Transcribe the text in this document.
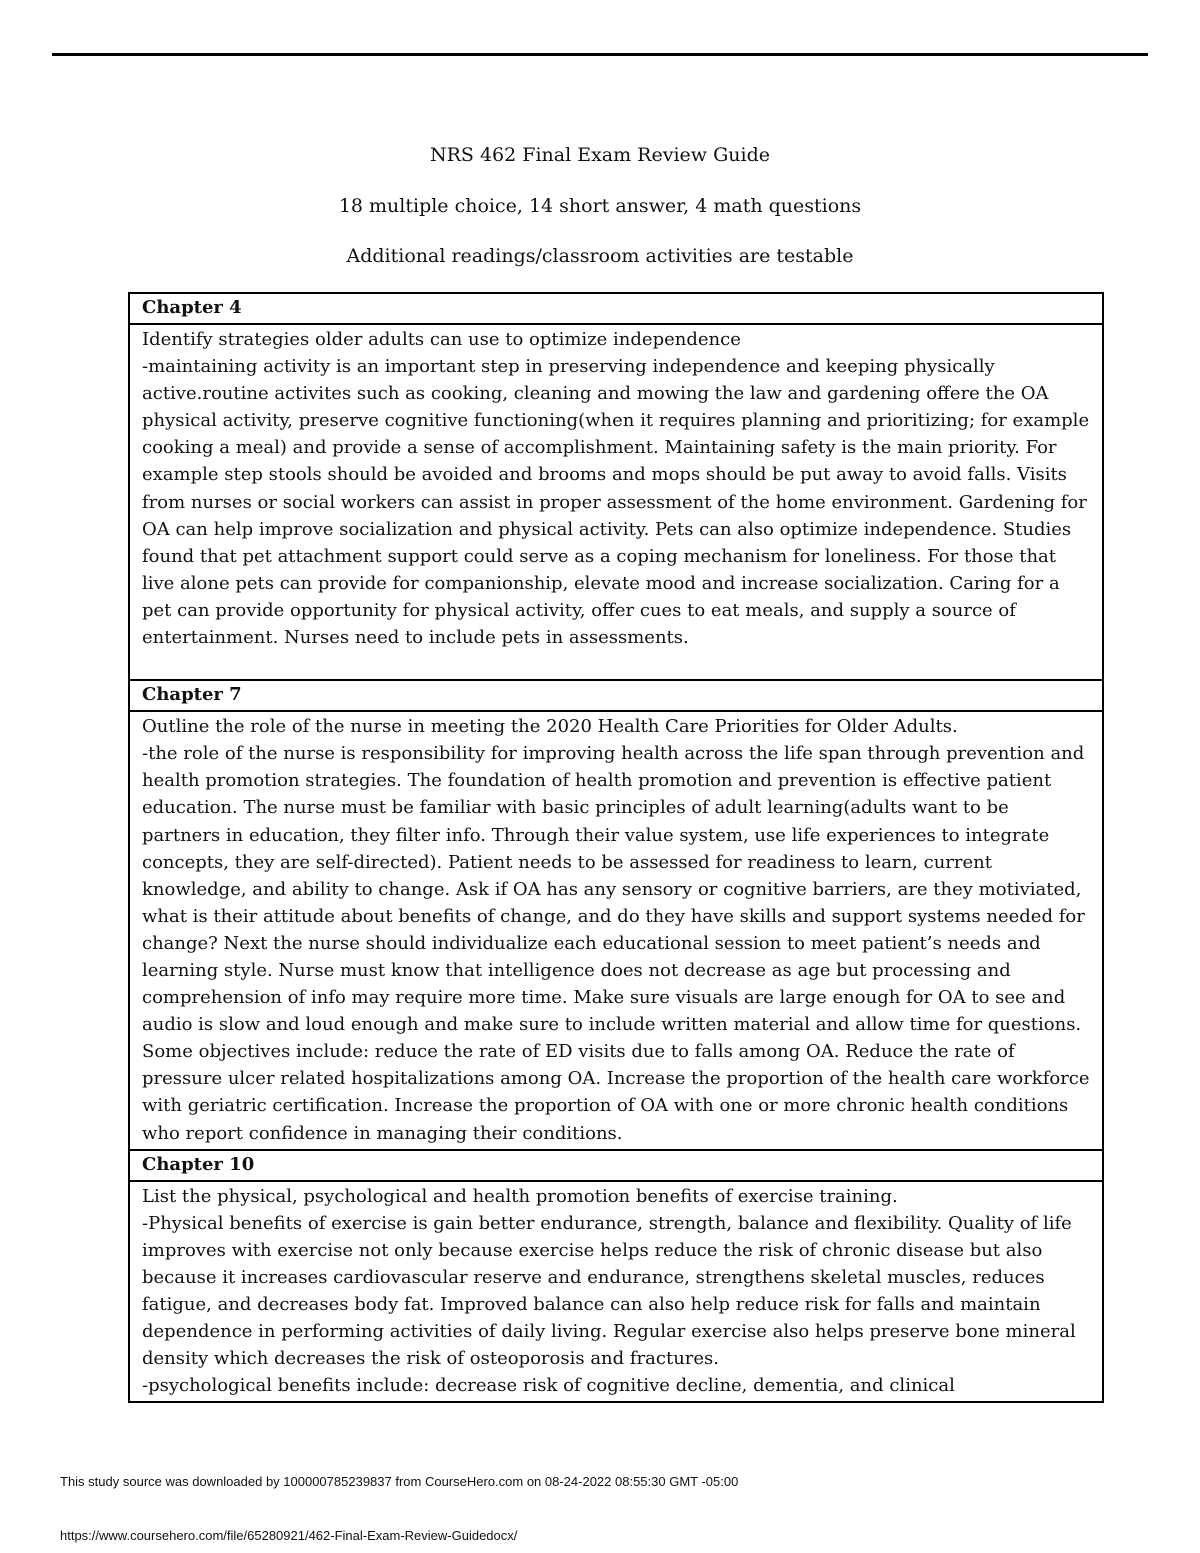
NRS 462 Final Exam Review Guide
18 multiple choice, 14 short answer, 4 math questions
Additional readings/classroom activities are testable
Chapter 4

Identify strategies older adults can use to optimize independence

-maintaining activity is an important step in preserving independence and keeping physically active.routine activites such as cooking, cleaning and mowing the law and gardening offere the OA physical activity, preserve cognitive functioning(when it requires planning and prioritizing; for example cooking a meal) and provide a sense of accomplishment. Maintaining safety is the main priority. For example step stools should be avoided and brooms and mops should be put away to avoid falls. Visits from nurses or social workers can assist in proper assessment of the home environment. Gardening for OA can help improve socialization and physical activity. Pets can also optimize independence. Studies found that pet attachment support could serve as a coping mechanism for loneliness. For those that live alone pets can provide for companionship, elevate mood and increase socialization. Caring for a pet can provide opportunity for physical activity, offer cues to eat meals, and supply a source of entertainment. Nurses need to include pets in assessments.

Chapter 7

Outline the role of the nurse in meeting the 2020 Health Care Priorities for Older Adults.

-the role of the nurse is responsibility for improving health across the life span through prevention and health promotion strategies. The foundation of health promotion and prevention is effective patient education. The nurse must be familiar with basic principles of adult learning(adults want to be partners in education, they filter info. Through their value system, use life experiences to integrate concepts, they are self-directed). Patient needs to be assessed for readiness to learn, current knowledge, and ability to change. Ask if OA has any sensory or cognitive barriers, are they motiviated, what is their attitude about benefits of change, and do they have skills and support systems needed for change? Next the nurse should individualize each educational session to meet patient’s needs and learning style. Nurse must know that intelligence does not decrease as age but processing and comprehension of info may require more time. Make sure visuals are large enough for OA to see and audio is slow and loud enough and make sure to include written material and allow time for questions.

Some objectives include: reduce the rate of ED visits due to falls among OA. Reduce the rate of pressure ulcer related hospitalizations among OA. Increase the proportion of the health care workforce with geriatric certification. Increase the proportion of OA with one or more chronic health conditions who report confidence in managing their conditions.

Chapter 10

List the physical, psychological and health promotion benefits of exercise training.

-Physical benefits of exercise is gain better endurance, strength, balance and flexibility. Quality of life improves with exercise not only because exercise helps reduce the risk of chronic disease but also because it increases cardiovascular reserve and endurance, strengthens skeletal muscles, reduces fatigue, and decreases body fat. Improved balance can also help reduce risk for falls and maintain dependence in performing activities of daily living. Regular exercise also helps preserve bone mineral density which decreases the risk of osteoporosis and fractures.

-psychological benefits include: decrease risk of cognitive decline, dementia, and clinical

This study source was downloaded by 100000785239837 from CourseHero.com on 08-24-2022 08:55:30 GMT -05:00
https://www.coursehero.com/file/65280921/462-Final-Exam-Review-Guidedocx/
